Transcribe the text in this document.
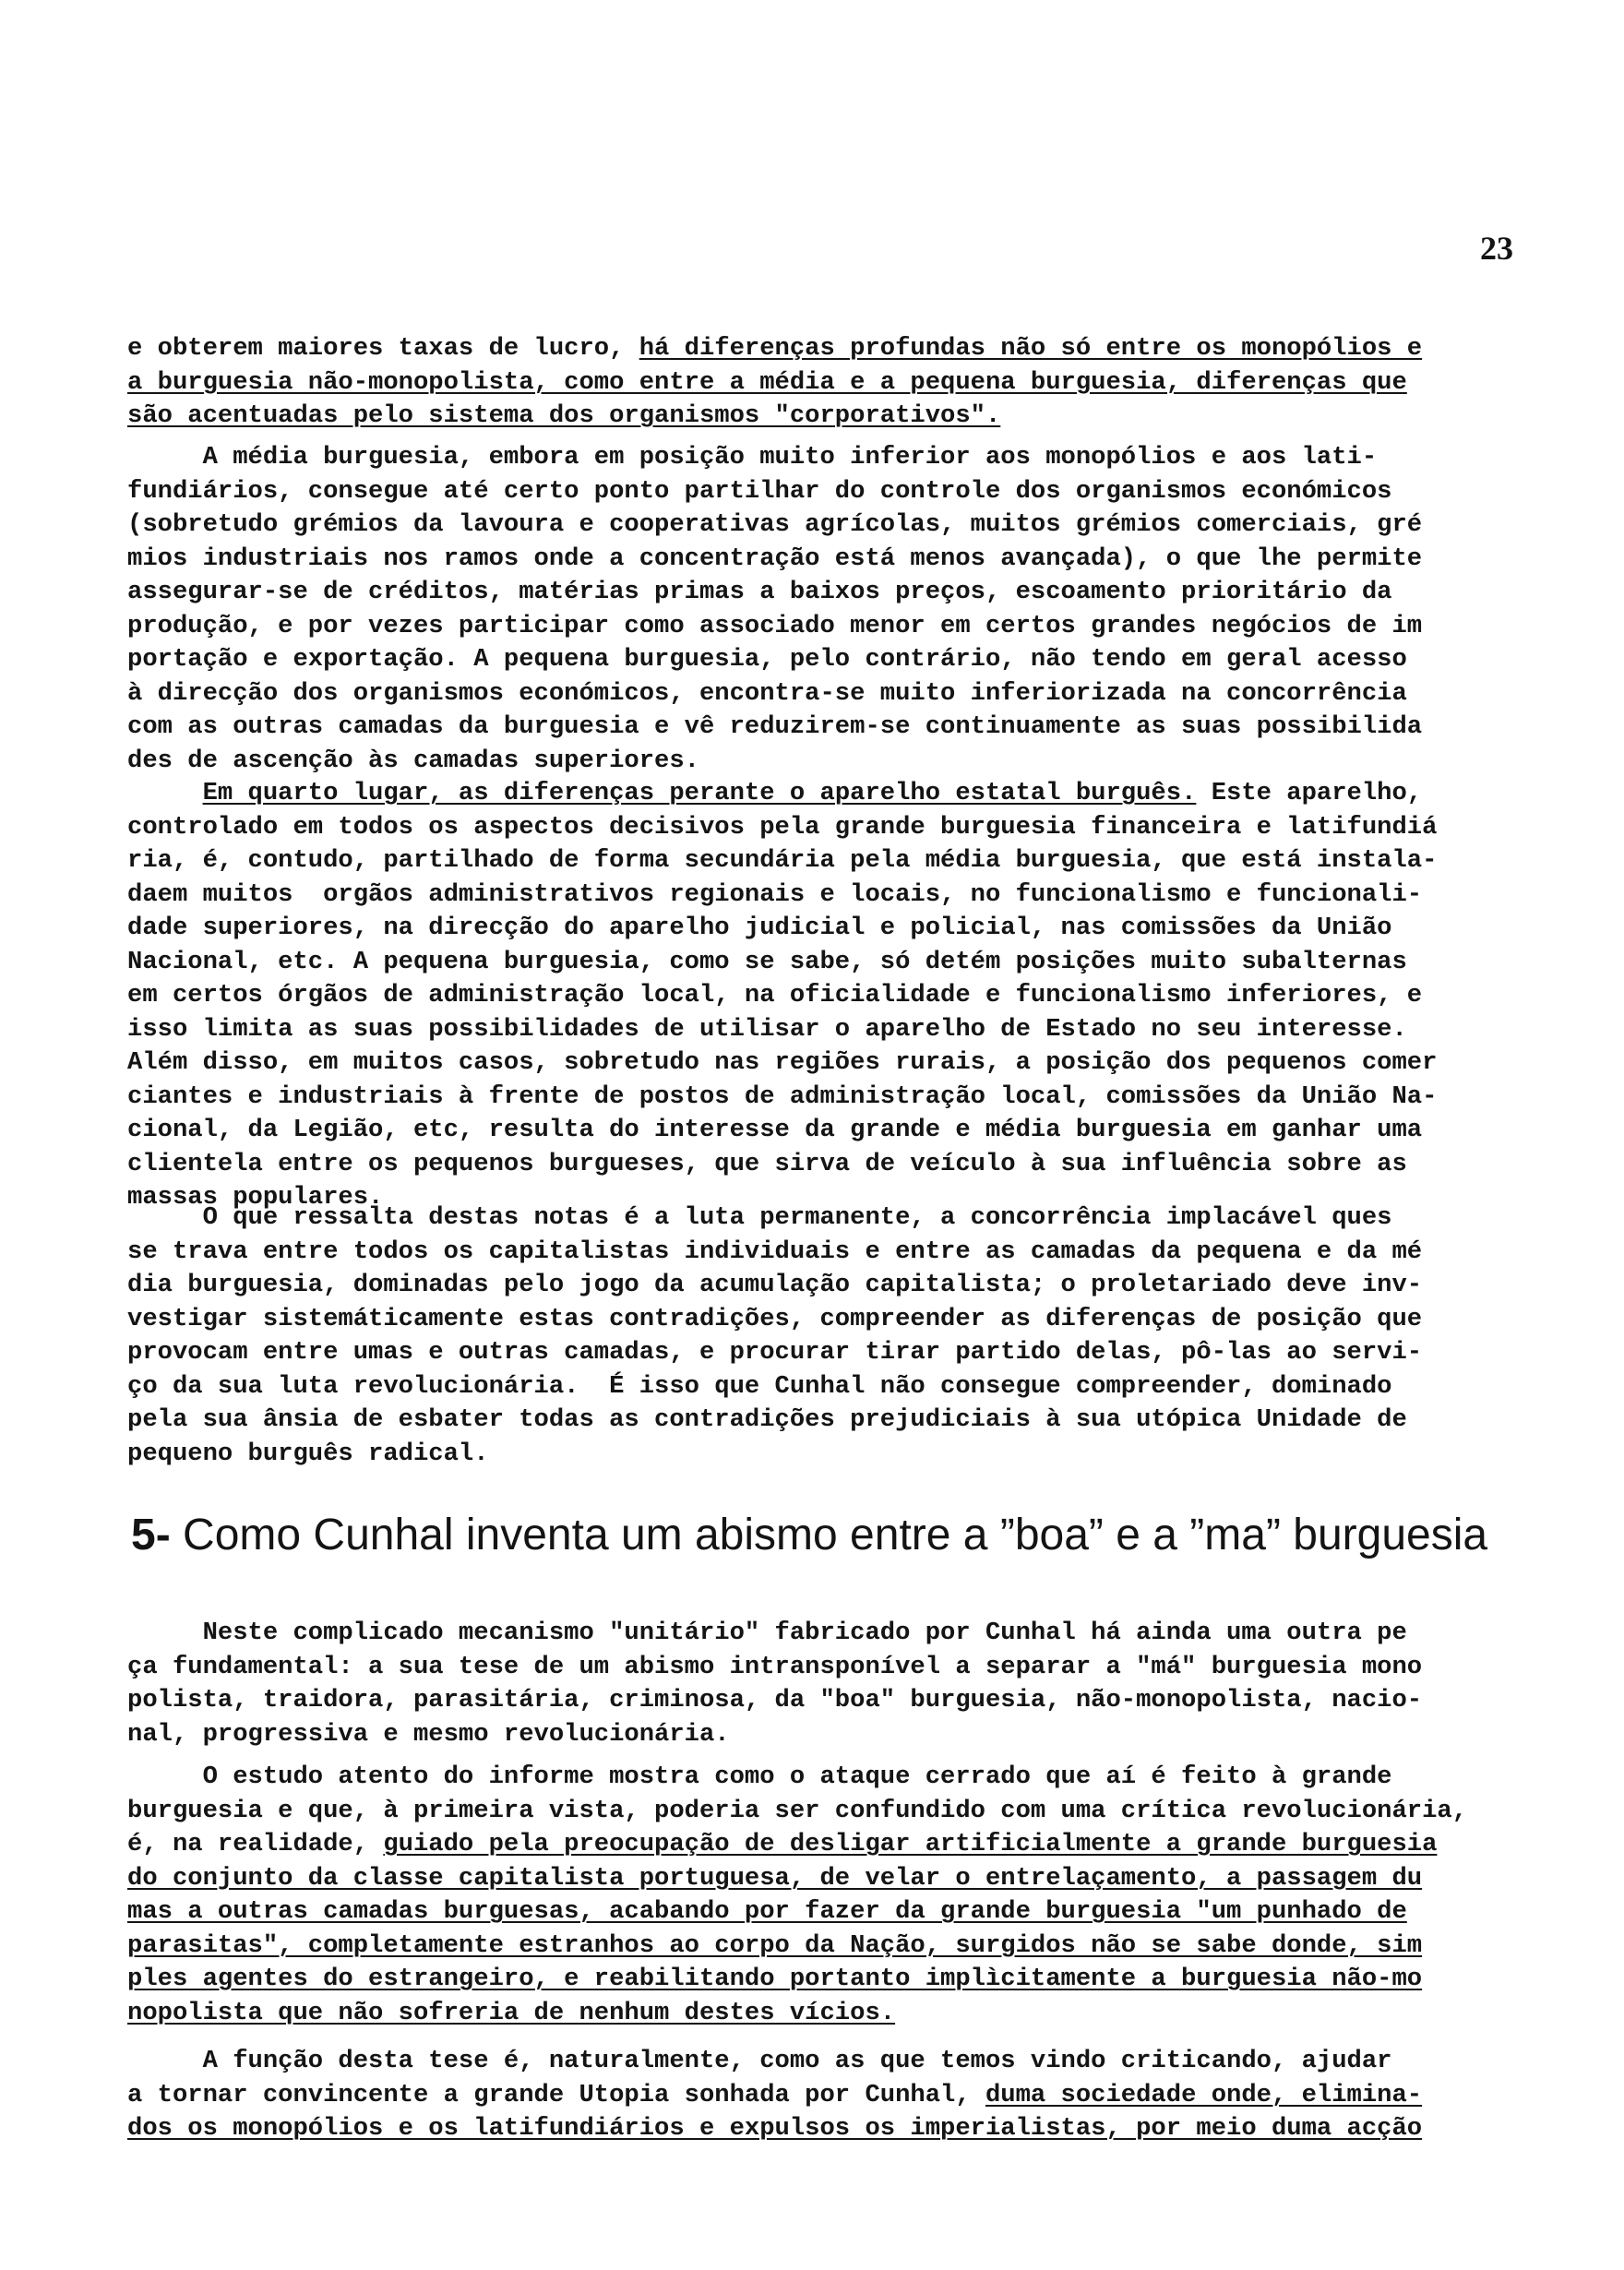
23
e obterem maiores taxas de lucro, há diferenças profundas não só entre os monopólios e
a burguesia não-monopolista, como entre a média e a pequena burguesia, diferenças que
são acentuadas pelo sistema dos organismos "corporativos".
A média burguesia, embora em posição muito inferior aos monopólios e aos lati-
fundiários, consegue até certo ponto partilhar do controle dos organismos económicos
(sobretudo grémios da lavoura e cooperativas agrícolas, muitos grémios comerciais, gré
mios industriais nos ramos onde a concentração está menos avançada), o que lhe permite
assegurar-se de créditos, matérias primas a baixos preços, escoamento prioritário da
produção, e por vezes participar como associado menor em certos grandes negócios de im
portação e exportação. A pequena burguesia, pelo contrário, não tendo em geral acesso
à direcção dos organismos económicos, encontra-se muito inferiorizada na concorrência
com as outras camadas da burguesia e vê reduzirem-se continuamente as suas possibilida
des de ascenção às camadas superiores.
Em quarto lugar, as diferenças perante o aparelho estatal burguês. Este aparelho,
controlado em todos os aspectos decisivos pela grande burguesia financeira e latifundiá
ria, é, contudo, partilhado de forma secundária pela média burguesia, que está instala-
daem muitos  orgãos administrativos regionais e locais, no funcionalismo e funcionali-
dade superiores, na direcção do aparelho judicial e policial, nas comissões da União
Nacional, etc. A pequena burguesia, como se sabe, só detém posições muito subalternas
em certos órgãos de administração local, na oficialidade e funcionalismo inferiores, e
isso limita as suas possibilidades de utilisar o aparelho de Estado no seu interesse.
Além disso, em muitos casos, sobretudo nas regiões rurais, a posição dos pequenos comer
ciantes e industriais à frente de postos de administração local, comissões da União Na-
cional, da Legião, etc, resulta do interesse da grande e média burguesia em ganhar uma
clientela entre os pequenos burgueses, que sirva de veículo à sua influência sobre as
massas populares.
O que ressalta destas notas é a luta permanente, a concorrência implacável ques
se trava entre todos os capitalistas individuais e entre as camadas da pequena e da mé
dia burguesia, dominadas pelo jogo da acumulação capitalista; o proletariado deve inv-
vestigar sistemáticamente estas contradições, compreender as diferenças de posição que
provocam entre umas e outras camadas, e procurar tirar partido delas, pô-las ao servi-
ço da sua luta revolucionária.  É isso que Cunhal não consegue compreender, dominado
pela sua ânsia de esbater todas as contradições prejudiciais à sua utópica Unidade de
pequeno burguês radical.
5- Como Cunhal inventa um abismo entre a ”boa” e a ”ma” burguesia
Neste complicado mecanismo "unitário" fabricado por Cunhal há ainda uma outra pe
ça fundamental: a sua tese de um abismo intransponível a separar a "má" burguesia mono
polista, traidora, parasitária, criminosa, da "boa" burguesia, não-monopolista, nacio-
nal, progressiva e mesmo revolucionária.
O estudo atento do informe mostra como o ataque cerrado que aí é feito à grande
burguesia e que, à primeira vista, poderia ser confundido com uma crítica revolucionária,
é, na realidade, guiado pela preocupação de desligar artificialmente a grande burguesia
do conjunto da classe capitalista portuguesa, de velar o entrelaçamento, a passagem du
mas a outras camadas burguesas, acabando por fazer da grande burguesia "um punhado de
parasitas", completamente estranhos ao corpo da Nação, surgidos não se sabe donde, sim
ples agentes do estrangeiro, e reabilitando portanto implìcitamente a burguesia não-mo
nopolista que não sofreria de nenhum destes vícios.
A função desta tese é, naturalmente, como as que temos vindo criticando, ajudar
a tornar convincente a grande Utopia sonhada por Cunhal, duma sociedade onde, elimina-
dos os monopólios e os latifundiários e expulsos os imperialistas, por meio duma acção
